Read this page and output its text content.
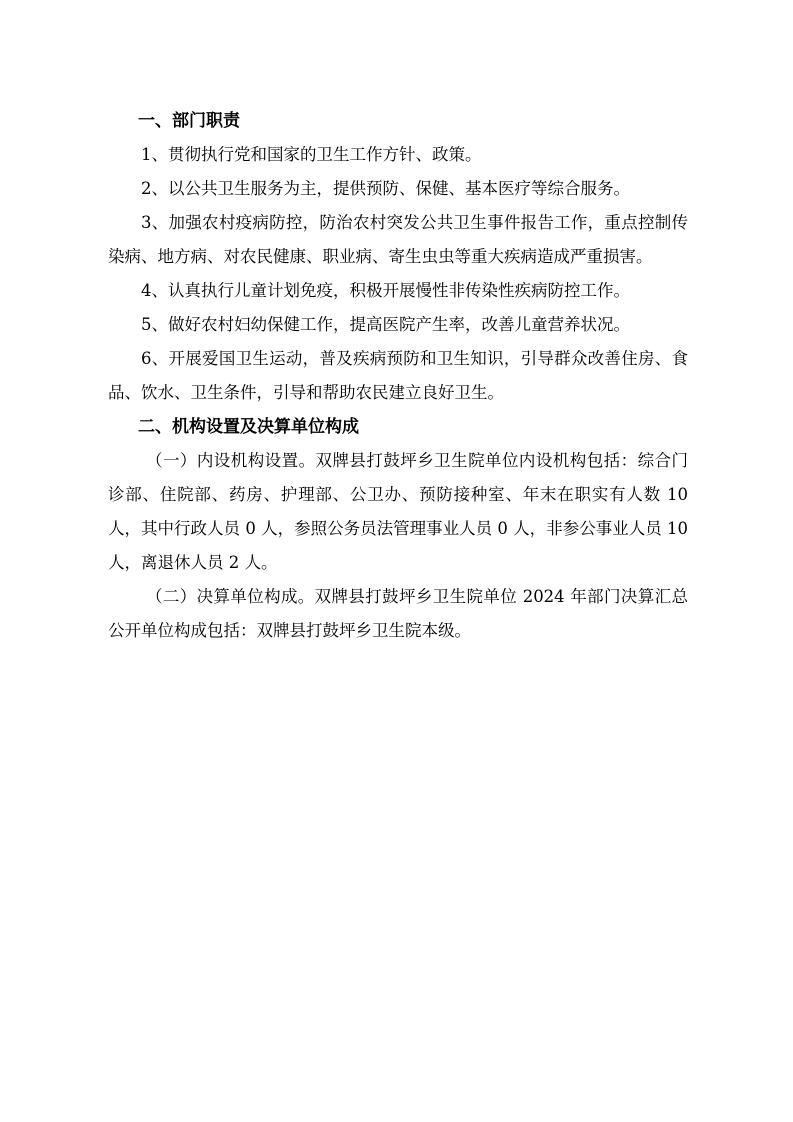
一、部门职责

1、贯彻执行党和国家的卫生工作方针、政策。

2、以公共卫生服务为主，提供预防、保健、基本医疗等综合服务。

3、加强农村疫病防控，防治农村突发公共卫生事件报告工作，重点控制传染病、地方病、对农民健康、职业病、寄生虫虫等重大疾病造成严重损害。

4、认真执行儿童计划免疫，积极开展慢性非传染性疾病防控工作。

5、做好农村妇幼保健工作，提高医院产生率，改善儿童营养状况。

6、开展爱国卫生运动，普及疾病预防和卫生知识，引导群众改善住房、食品、饮水、卫生条件，引导和帮助农民建立良好卫生。

二、机构设置及决算单位构成

（一）内设机构设置。双牌县打鼓坪乡卫生院单位内设机构包括：综合门诊部、住院部、药房、护理部、公卫办、预防接种室、年末在职实有人数 10 人，其中行政人员 0 人，参照公务员法管理事业人员 0 人，非参公事业人员 10 人，离退休人员 2 人。

（二）决算单位构成。双牌县打鼓坪乡卫生院单位 2024 年部门决算汇总公开单位构成包括：双牌县打鼓坪乡卫生院本级。
